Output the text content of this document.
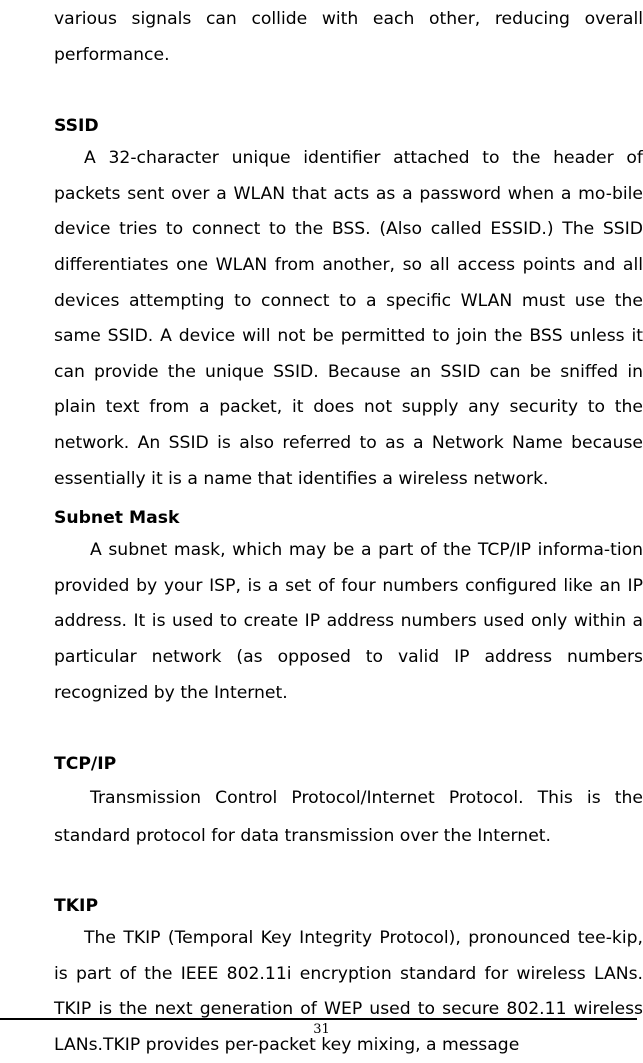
various signals can collide with each other, reducing overall performance.

SSID

A 32-character unique identifier attached to the header of packets sent over a WLAN that acts as a password when a mo-bile device tries to connect to the BSS. (Also called ESSID.) The SSID differentiates one WLAN from another, so all access points and all devices attempting to connect to a specific WLAN must use the same SSID. A device will not be permitted to join the BSS unless it can provide the unique SSID. Because an SSID can be sniffed in plain text from a packet, it does not supply any security to the network. An SSID is also referred to as a Network Name because essentially it is a name that identifies a wireless network.

Subnet Mask

A subnet mask, which may be a part of the TCP/IP informa-tion provided by your ISP, is a set of four numbers configured like an IP address. It is used to create IP address numbers used only within a particular network (as opposed to valid IP address numbers recognized by the Internet.

TCP/IP

Transmission Control Protocol/Internet Protocol. This is the standard protocol for data transmission over the Internet.

TKIP

The TKIP (Temporal Key Integrity Protocol), pronounced tee-kip, is part of the IEEE 802.11i encryption standard for wireless LANs. TKIP is the next generation of WEP used to secure 802.11 wireless LANs.TKIP provides per-packet key mixing, a message

31
